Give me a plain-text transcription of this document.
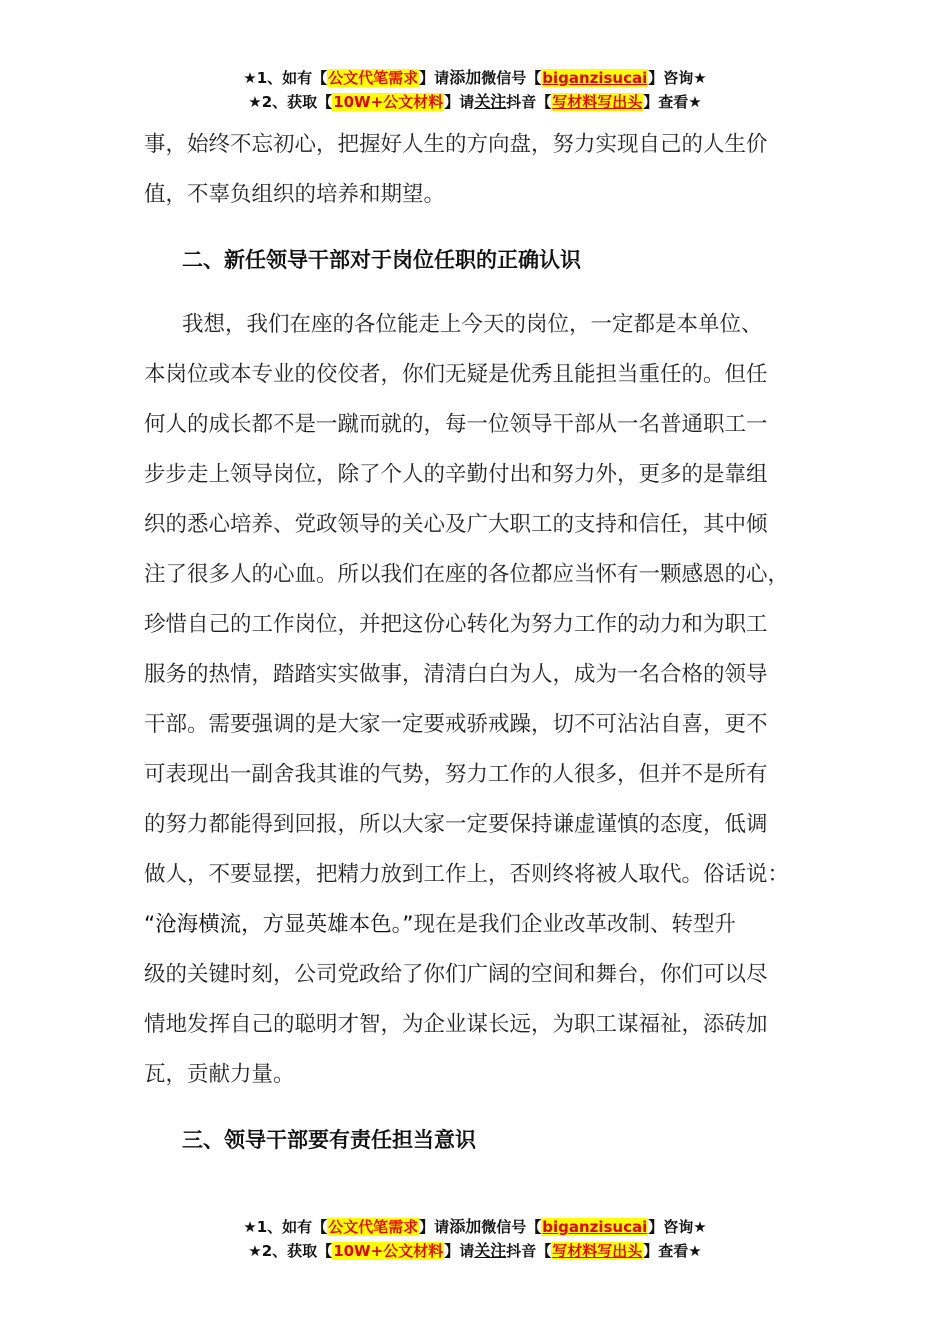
★1、如有【公文代笔需求】请添加微信号【biganzisucai】咨询★
★2、获取【10W+公文材料】请关注抖音【写材料写出头】查看★
事，始终不忘初心，把握好人生的方向盘，努力实现自己的人生价
值，不辜负组织的培养和期望。
二、新任领导干部对于岗位任职的正确认识
我想，我们在座的各位能走上今天的岗位，一定都是本单位、
本岗位或本专业的佼佼者，你们无疑是优秀且能担当重任的。但任
何人的成长都不是一蹴而就的，每一位领导干部从一名普通职工一
步步走上领导岗位，除了个人的辛勤付出和努力外，更多的是靠组
织的悉心培养、党政领导的关心及广大职工的支持和信任，其中倾
注了很多人的心血。所以我们在座的各位都应当怀有一颗感恩的心，
珍惜自己的工作岗位，并把这份心转化为努力工作的动力和为职工
服务的热情，踏踏实实做事，清清白白为人，成为一名合格的领导
干部。需要强调的是大家一定要戒骄戒躁，切不可沾沾自喜，更不
可表现出一副舍我其谁的气势，努力工作的人很多，但并不是所有
的努力都能得到回报，所以大家一定要保持谦虚谨慎的态度，低调
做人，不要显摆，把精力放到工作上，否则终将被人取代。俗话说：
“沧海横流，方显英雄本色。”现在是我们企业改革改制、转型升
级的关键时刻，公司党政给了你们广阔的空间和舞台，你们可以尽
情地发挥自己的聪明才智，为企业谋长远，为职工谋福祉，添砖加
瓦，贡献力量。
三、领导干部要有责任担当意识
★1、如有【公文代笔需求】请添加微信号【biganzisucai】咨询★
★2、获取【10W+公文材料】请关注抖音【写材料写出头】查看★
